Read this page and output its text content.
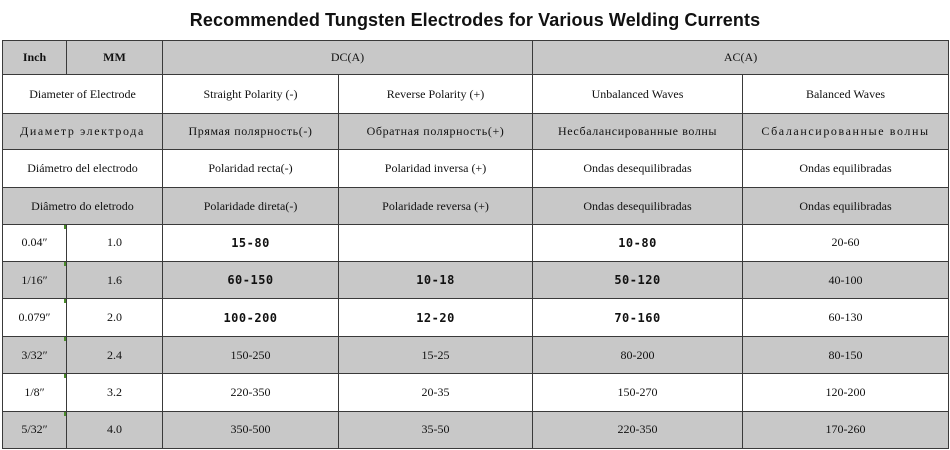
Recommended Tungsten Electrodes for Various Welding Currents
Inch	MM	DC(A)		AC(A)	
Diameter of Electrode		Straight Polarity (-)	Reverse Polarity (+)	Unbalanced Waves	Balanced Waves
Диаметр электрода		Прямая полярность(-)	Обратная полярность(+)	Несбалансированные волны	Сбалансированные волны
Diámetro del electrodo		Polaridad recta(-)	Polaridad inversa (+)	Ondas desequilibradas	Ondas equilibradas
Diâmetro do eletrodo		Polaridade direta(-)	Polaridade reversa (+)	Ondas desequilibradas	Ondas equilibradas
0.04″	1.0	15-80		10-80	20-60
1/16″	1.6	60-150	10-18	50-120	40-100
0.079″	2.0	100-200	12-20	70-160	60-130
3/32″	2.4	150-250	15-25	80-200	80-150
1/8″	3.2	220-350	20-35	150-270	120-200
5/32″	4.0	350-500	35-50	220-350	170-260
